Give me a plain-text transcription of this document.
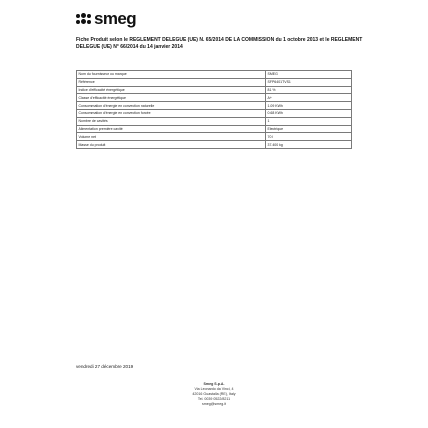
smeg

Fiche Produit selon le REGLEMENT DELEGUE (UE) N. 65/2014 DE LA COMMISSION du 1 octobre 2013 et le REGLEMENT DELEGUE (UE) N° 66/2014 du 14 janvier 2014

Nom du fournisseur ou marque	SMEG
Référence	SFP6401TVS1
Indice d'efficacité énergétique	81 %
Classe d'efficacité énergétique	A+
Consommation d'énergie en convection naturelle	1.09 KWh
Consommation d'énergie en convection forcée	0.68 KWh
Nombre de cavités	1
Alimentation première cavité	Electrique
Volume net	70 l
Masse du produit	37.400 kg
vendredi 27 décembre 2019
Smeg S.p.A.
Via Leonardo da Vinci, 4
42016 Guastalla (RE), Italy
Tel. 0039 0522/8211
smeg@smeg.it
